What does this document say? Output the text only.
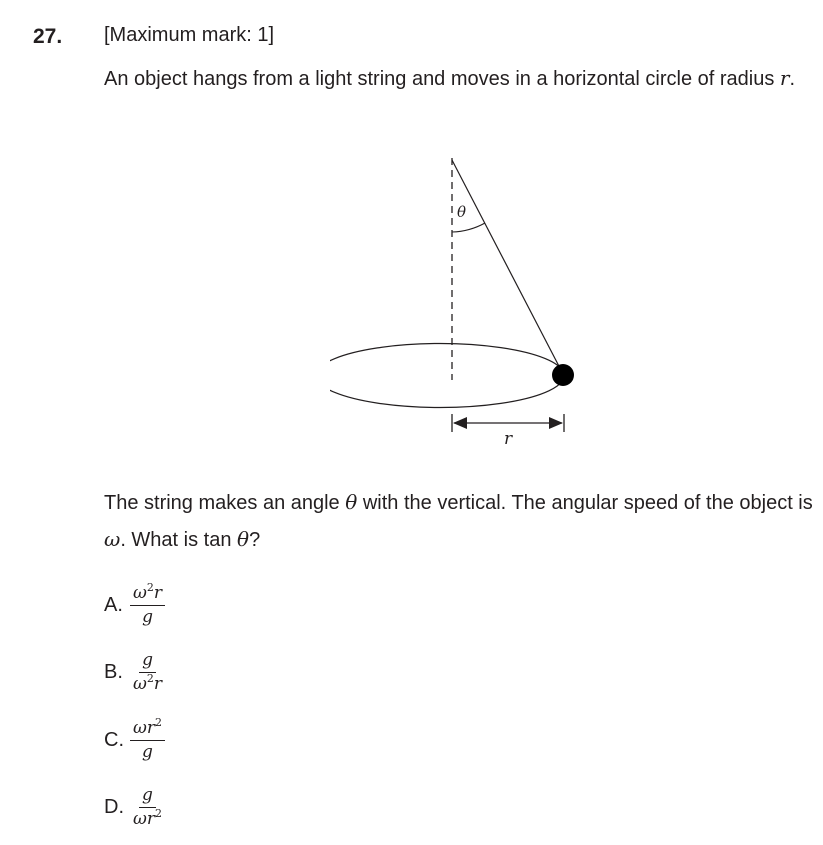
27. [Maximum mark: 1]
An object hangs from a light string and moves in a horizontal circle of radius r.
θ
r
The string makes an angle θ with the vertical. The angular speed of the object is ω. What is tan θ?
A. $\frac{\omega^2r}{g}$
B. $\frac{g}{\omega^2r}$
C. $\frac{\omega r^2}{g}$
D. $\frac{g}{\omega r^2}$
